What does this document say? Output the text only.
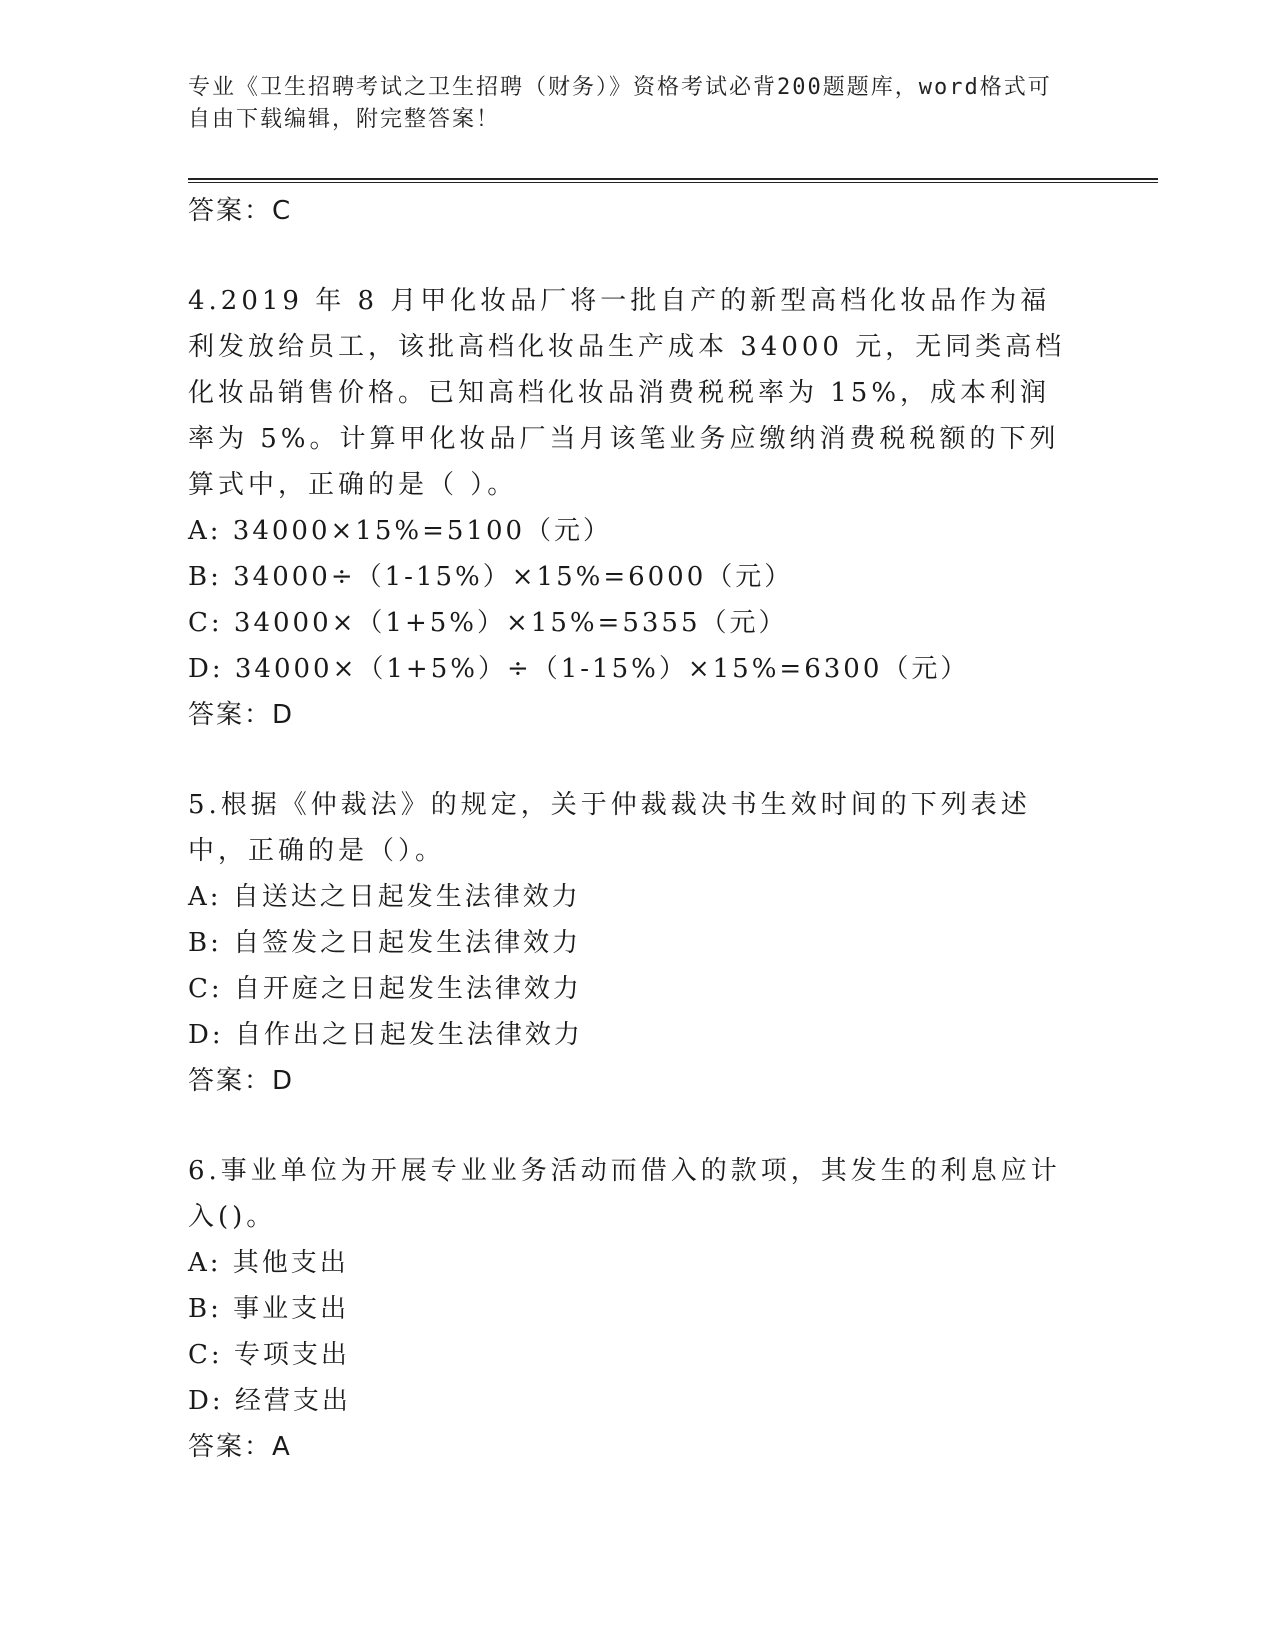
专业《卫生招聘考试之卫生招聘（财务）》资格考试必背200题题库，word格式可自由下载编辑，附完整答案！

答案：C

4.2019 年 8 月甲化妆品厂将一批自产的新型高档化妆品作为福利发放给员工，该批高档化妆品生产成本 34000 元，无同类高档化妆品销售价格。已知高档化妆品消费税税率为 15%，成本利润率为 5%。计算甲化妆品厂当月该笔业务应缴纳消费税税额的下列算式中，正确的是（ ）。

A: 34000×15%=5100（元）

B: 34000÷（1-15%）×15%=6000（元）

C: 34000×（1+5%）×15%=5355（元）

D: 34000×（1+5%）÷（1-15%）×15%=6300（元）

答案：D

5.根据《仲裁法》的规定，关于仲裁裁决书生效时间的下列表述中，正确的是（）。

A: 自送达之日起发生法律效力

B: 自签发之日起发生法律效力

C: 自开庭之日起发生法律效力

D: 自作出之日起发生法律效力

答案：D

6.事业单位为开展专业业务活动而借入的款项，其发生的利息应计入()。

A: 其他支出

B: 事业支出

C: 专项支出

D: 经营支出

答案：A
